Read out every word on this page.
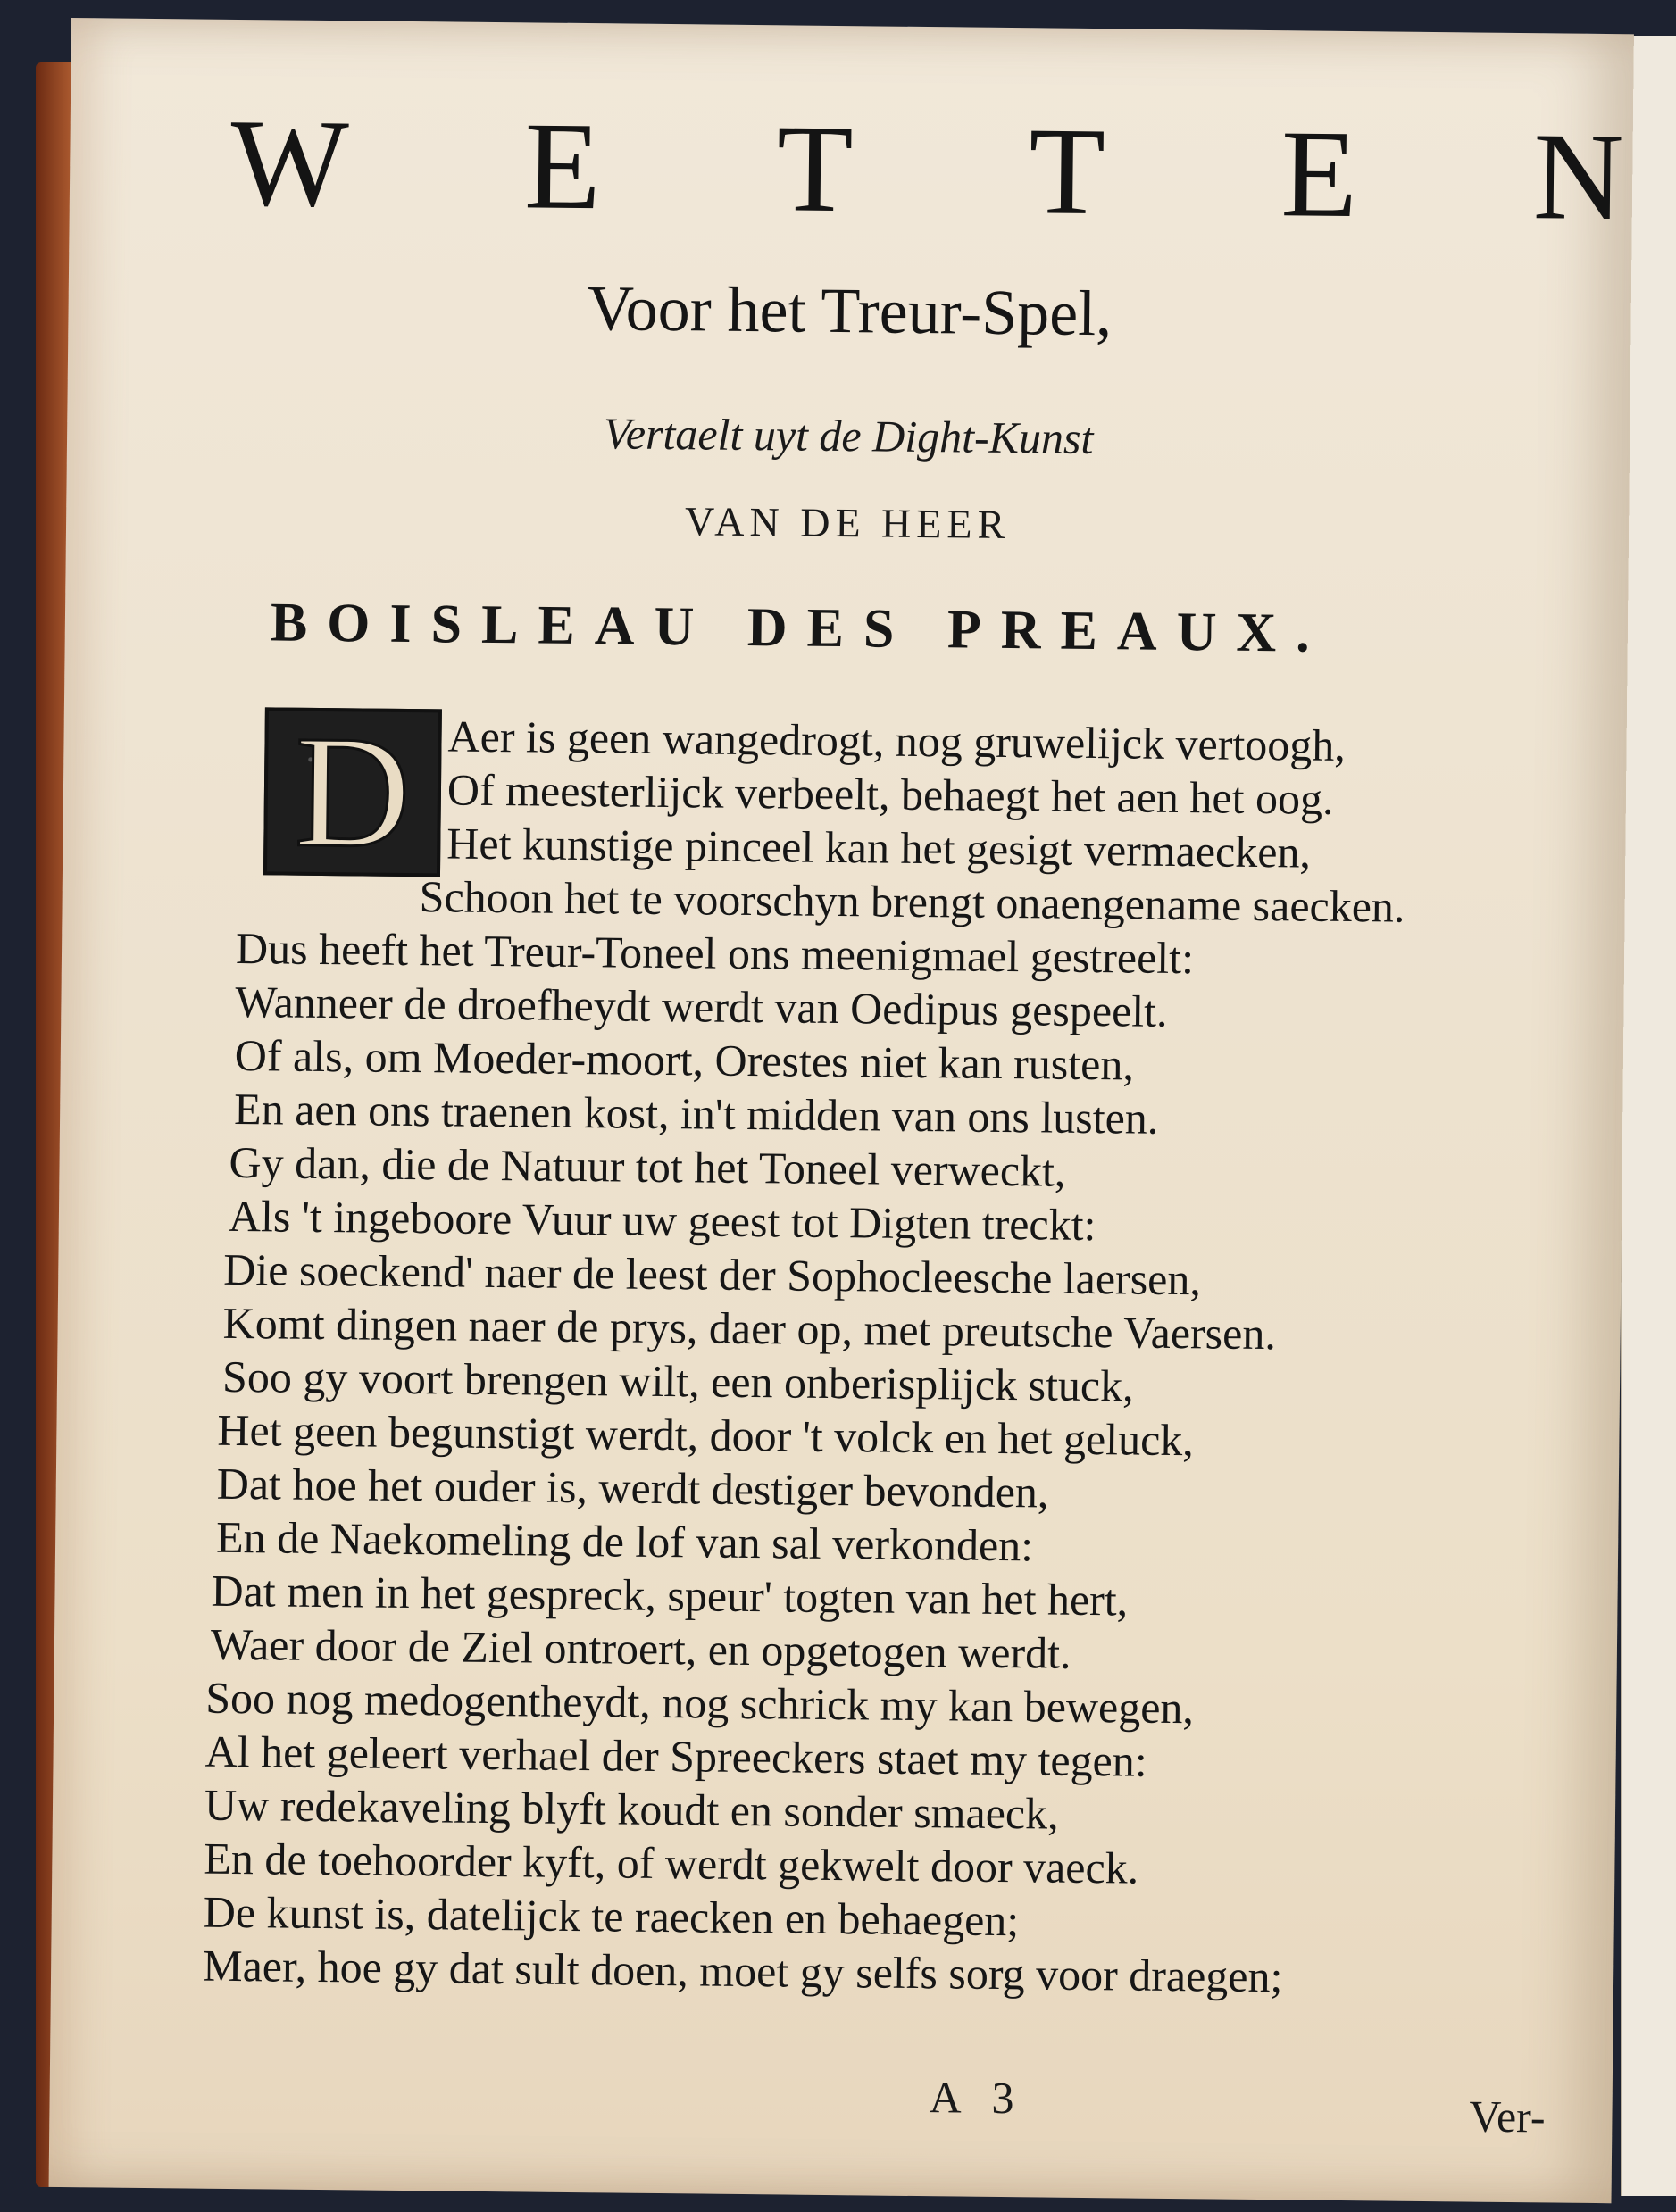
W E T T E N
Voor het Treur-Spel,
Vertaelt uyt de Dight-Kunst
VAN DE HEER
BOISLEAU DES PREAUX.
D Aer is geen wangedrogt, nog gruwelijck vertoogh,
Of meesterlijck verbeelt, behaegt het aen het oog.
Het kunstige pinceel kan het gesigt vermaecken,
Schoon het te voorschyn brengt onaengename saecken.
Dus heeft het Treur-Toneel ons meenigmael gestreelt:
Wanneer de droefheydt werdt van Oedipus gespeelt.
Of als, om Moeder-moort, Orestes niet kan rusten,
En aen ons traenen kost, in't midden van ons lusten.
Gy dan, die de Natuur tot het Toneel verweckt,
Als 't ingeboore Vuur uw geest tot Digten treckt:
Die soeckend' naer de leest der Sophocleesche laersen,
Komt dingen naer de prys, daer op, met preutsche Vaersen.
Soo gy voort brengen wilt, een onberisplijck stuck,
Het geen begunstigt werdt, door 't volck en het geluck,
Dat hoe het ouder is, werdt destiger bevonden,
En de Naekomeling de lof van sal verkonden:
Dat men in het gespreck, speur' togten van het hert,
Waer door de Ziel ontroert, en opgetogen werdt.
Soo nog medogentheydt, nog schrick my kan bewegen,
Al het geleert verhael der Spreeckers staet my tegen:
Uw redekaveling blyft koudt en sonder smaeck,
En de toehoorder kyft, of werdt gekwelt door vaeck.
De kunst is, datelijck te raecken en behaegen;
Maer, hoe gy dat sult doen, moet gy selfs sorg voor draegen;
A 3	Ver-
